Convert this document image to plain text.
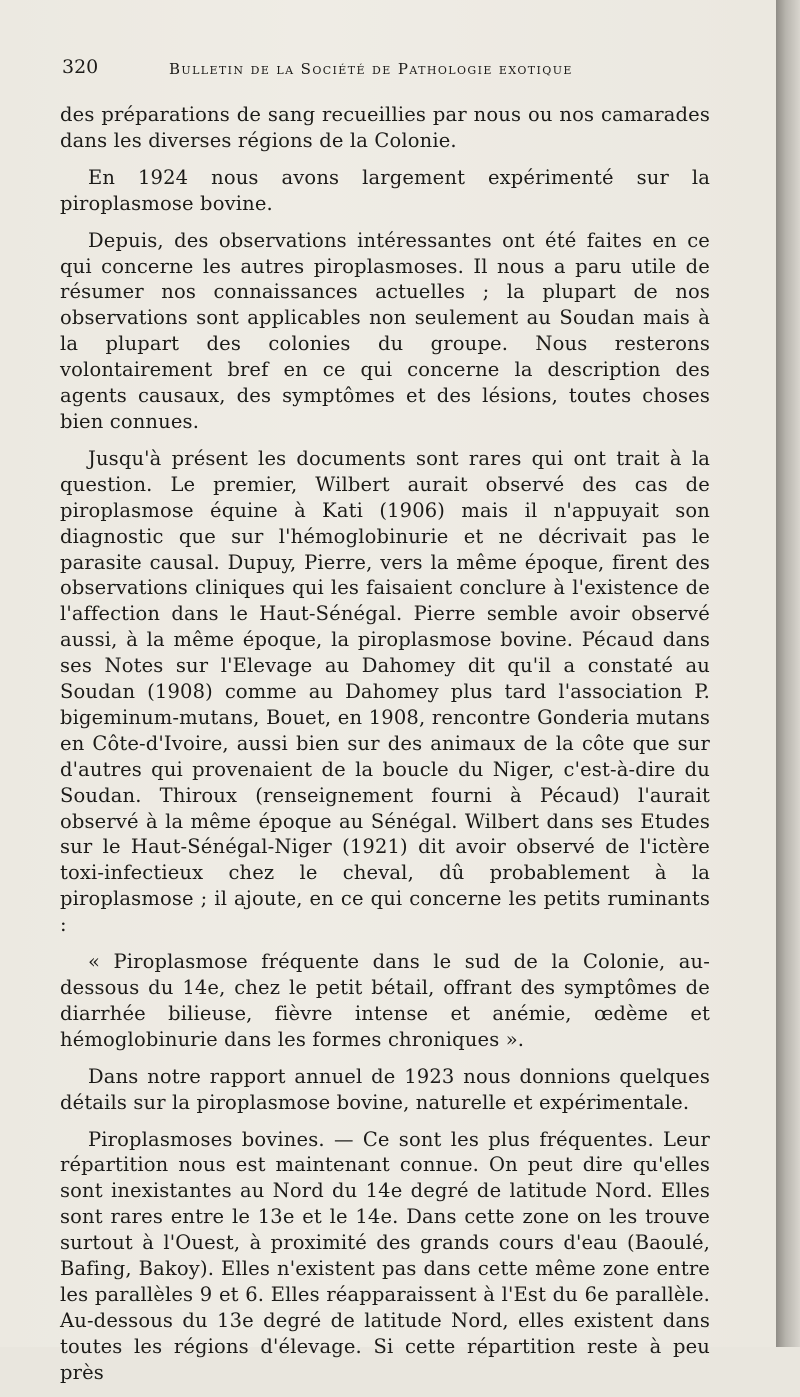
320	Bulletin de la Société de Pathologie exotique

des préparations de sang recueillies par nous ou nos camarades dans les diverses régions de la Colonie.

En 1924 nous avons largement expérimenté sur la piroplasmose bovine.

Depuis, des observations intéressantes ont été faites en ce qui concerne les autres piroplasmoses. Il nous a paru utile de résumer nos connaissances actuelles ; la plupart de nos observations sont applicables non seulement au Soudan mais à la plupart des colonies du groupe. Nous resterons volontairement bref en ce qui concerne la description des agents causaux, des symptômes et des lésions, toutes choses bien connues.

Jusqu'à présent les documents sont rares qui ont trait à la question. Le premier, Wilbert aurait observé des cas de piroplasmose équine à Kati (1906) mais il n'appuyait son diagnostic que sur l'hémoglobinurie et ne décrivait pas le parasite causal. Dupuy, Pierre, vers la même époque, firent des observations cliniques qui les faisaient conclure à l'existence de l'affection dans le Haut-Sénégal. Pierre semble avoir observé aussi, à la même époque, la piroplasmose bovine. Pécaud dans ses Notes sur l'Elevage au Dahomey dit qu'il a constaté au Soudan (1908) comme au Dahomey plus tard l'association P. bigeminum-mutans, Bouet, en 1908, rencontre Gonderia mutans en Côte-d'Ivoire, aussi bien sur des animaux de la côte que sur d'autres qui provenaient de la boucle du Niger, c'est-à-dire du Soudan. Thiroux (renseignement fourni à Pécaud) l'aurait observé à la même époque au Sénégal. Wilbert dans ses Etudes sur le Haut-Sénégal-Niger (1921) dit avoir observé de l'ictère toxi-infectieux chez le cheval, dû probablement à la piroplasmose ; il ajoute, en ce qui concerne les petits ruminants :

« Piroplasmose fréquente dans le sud de la Colonie, au-dessous du 14e, chez le petit bétail, offrant des symptômes de diarrhée bilieuse, fièvre intense et anémie, œdème et hémoglobinurie dans les formes chroniques ».

Dans notre rapport annuel de 1923 nous donnions quelques détails sur la piroplasmose bovine, naturelle et expérimentale.

Piroplasmoses bovines. — Ce sont les plus fréquentes. Leur répartition nous est maintenant connue. On peut dire qu'elles sont inexistantes au Nord du 14e degré de latitude Nord. Elles sont rares entre le 13e et le 14e. Dans cette zone on les trouve surtout à l'Ouest, à proximité des grands cours d'eau (Baoulé, Bafing, Bakoy). Elles n'existent pas dans cette même zone entre les parallèles 9 et 6. Elles réapparaissent à l'Est du 6e parallèle. Au-dessous du 13e degré de latitude Nord, elles existent dans toutes les régions d'élevage. Si cette répartition reste à peu près
